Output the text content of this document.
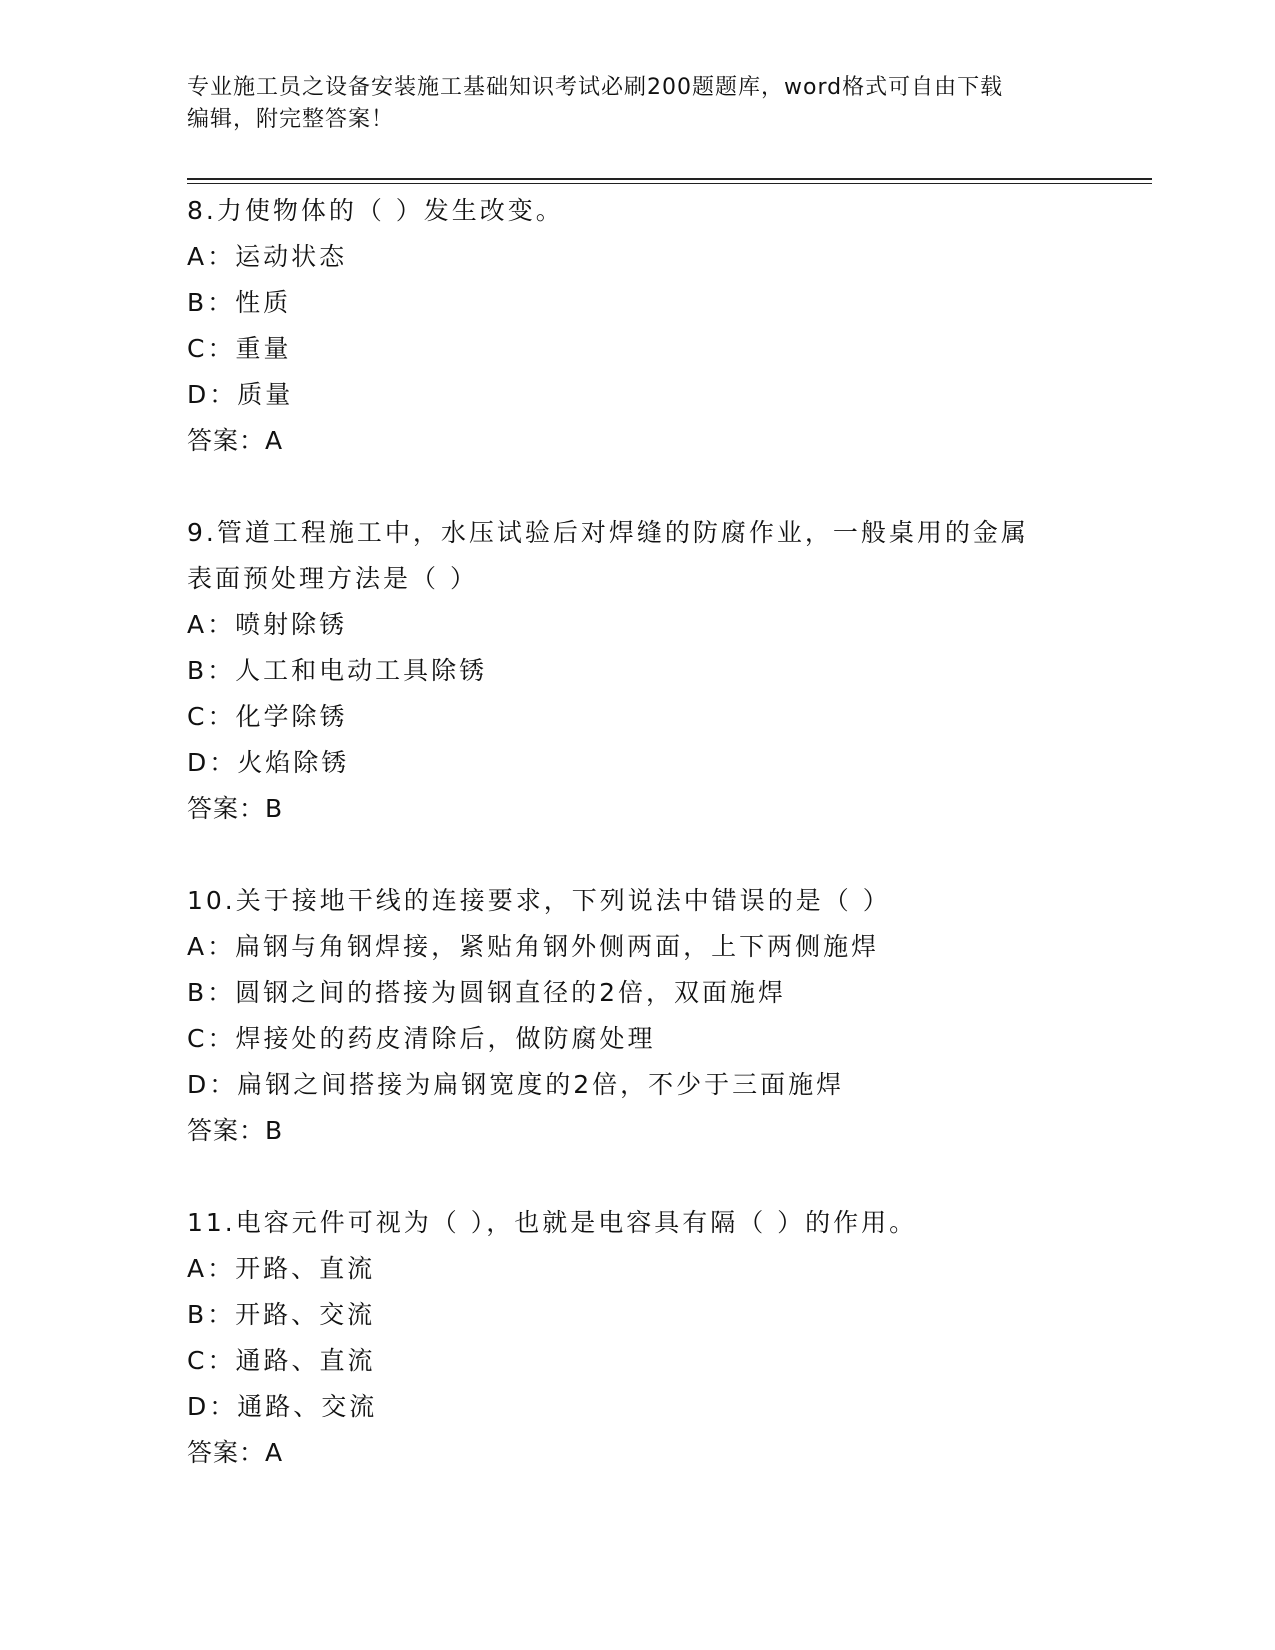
专业施工员之设备安装施工基础知识考试必刷200题题库，word格式可自由下载
编辑，附完整答案！
8.力使物体的（ ）发生改变。
A：运动状态
B：性质
C：重量
D：质量
答案：A
9.管道工程施工中，水压试验后对焊缝的防腐作业，一般桌用的金属
表面预处理方法是（ ）
A：喷射除锈
B：人工和电动工具除锈
C：化学除锈
D：火焰除锈
答案：B
10.关于接地干线的连接要求，下列说法中错误的是（ ）
A：扁钢与角钢焊接，紧贴角钢外侧两面，上下两侧施焊
B：圆钢之间的搭接为圆钢直径的2倍，双面施焊
C：焊接处的药皮清除后，做防腐处理
D：扁钢之间搭接为扁钢宽度的2倍，不少于三面施焊
答案：B
11.电容元件可视为（ ），也就是电容具有隔（ ）的作用。
A：开路、直流
B：开路、交流
C：通路、直流
D：通路、交流
答案：A
